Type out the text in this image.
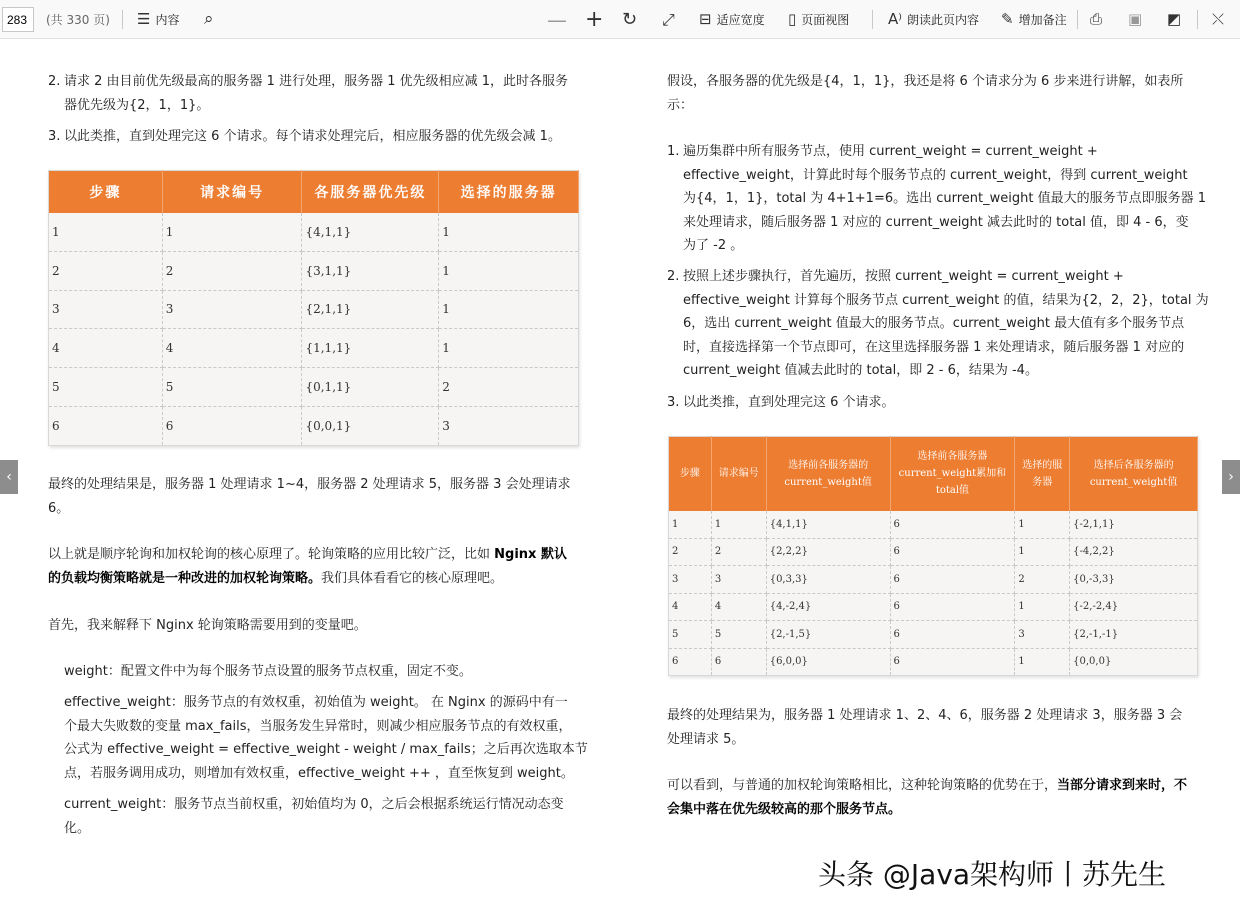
283
(共 330 页) ☰ 内容 ⌕	— + ↻ ⤢ ⊟ 适应宽度 ▯ 页面视图	A⁾ 朗读此页内容 ✎ 增加备注 ⎙ ▣ ◩ ⤬
‹	›
2. 请求 2 由目前优先级最高的服务器 1 进行处理，服务器 1 优先级相应减 1，此时各服务

器优先级为{2，1，1}。

3. 以此类推，直到处理完这 6 个请求。每个请求处理完后，相应服务器的优先级会减 1。

步骤	请求编号	各服务器优先级	选择的服务器
1	1	{4,1,1}	1
2	2	{3,1,1}	1
3	3	{2,1,1}	1
4	4	{1,1,1}	1
5	5	{0,1,1}	2
6	6	{0,0,1}	3

最终的处理结果是，服务器 1 处理请求 1~4，服务器 2 处理请求 5，服务器 3 会处理请求

6。

以上就是顺序轮询和加权轮询的核心原理了。轮询策略的应用比较广泛，比如 Nginx 默认

的负载均衡策略就是一种改进的加权轮询策略。我们具体看看它的核心原理吧。

首先，我来解释下 Nginx 轮询策略需要用到的变量吧。

weight：配置文件中为每个服务节点设置的服务节点权重，固定不变。

effective_weight：服务节点的有效权重，初始值为 weight。 在 Nginx 的源码中有一

个最大失败数的变量 max_fails，当服务发生异常时，则减少相应服务节点的有效权重，

公式为 effective_weight = effective_weight - weight / max_fails；之后再次选取本节

点，若服务调用成功，则增加有效权重，effective_weight ++ ，直至恢复到 weight。

current_weight：服务节点当前权重，初始值均为 0，之后会根据系统运行情况动态变

化。

假设，各服务器的优先级是{4，1，1}，我还是将 6 个请求分为 6 步来进行讲解，如表所

示：

1. 遍历集群中所有服务节点，使用 current_weight = current_weight +

effective_weight，计算此时每个服务节点的 current_weight，得到 current_weight

为{4，1，1}，total 为 4+1+1=6。选出 current_weight 值最大的服务节点即服务器 1

来处理请求，随后服务器 1 对应的 current_weight 减去此时的 total 值，即 4 - 6，变

为了 -2 。

2. 按照上述步骤执行，首先遍历，按照 current_weight = current_weight +

effective_weight 计算每个服务节点 current_weight 的值，结果为{2，2，2}，total 为

6，选出 current_weight 值最大的服务节点。current_weight 最大值有多个服务节点

时，直接选择第一个节点即可，在这里选择服务器 1 来处理请求，随后服务器 1 对应的

current_weight 值减去此时的 total，即 2 - 6，结果为 -4。

3. 以此类推，直到处理完这 6 个请求。

步骤	请求编号	选择前各服务器的 current_weight值	选择前各服务器 current_weight累加和 total值	选择的服务器	选择后各服务器的 current_weight值
1	1	{4,1,1}	6	1	{-2,1,1}
2	2	{2,2,2}	6	1	{-4,2,2}
3	3	{0,3,3}	6	2	{0,-3,3}
4	4	{4,-2,4}	6	1	{-2,-2,4}
5	5	{2,-1,5}	6	3	{2,-1,-1}
6	6	{6,0,0}	6	1	{0,0,0}

最终的处理结果为，服务器 1 处理请求 1、2、4、6，服务器 2 处理请求 3，服务器 3 会

处理请求 5。

可以看到，与普通的加权轮询策略相比，这种轮询策略的优势在于，当部分请求到来时，不

会集中落在优先级较高的那个服务节点。

头条 @Java架构师丨苏先生
